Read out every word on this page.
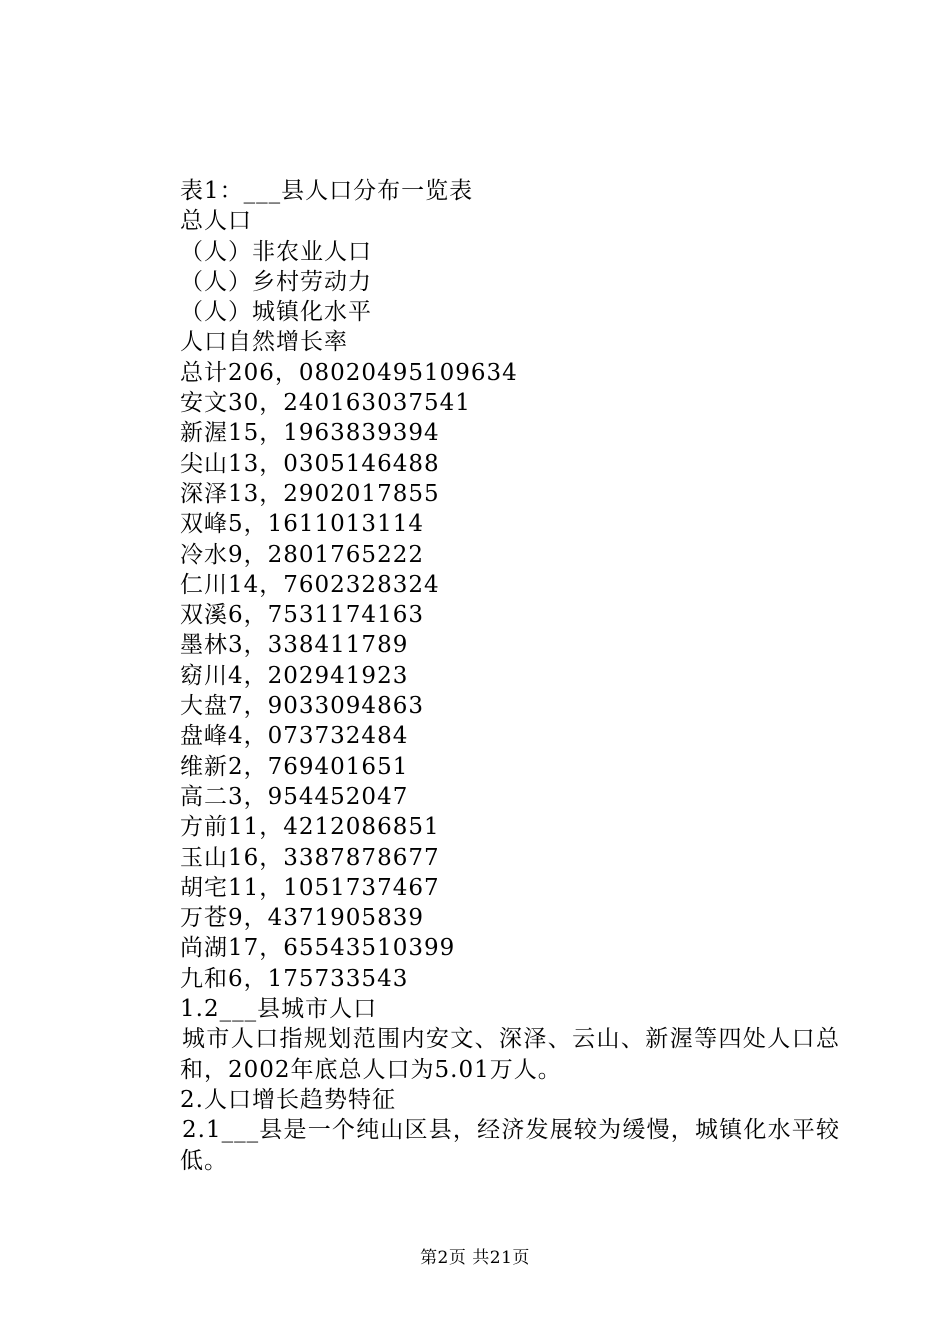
表1：___县人口分布一览表
总人口
（人）非农业人口
（人）乡村劳动力
（人）城镇化水平
人口自然增长率
总计206，08020495109634
安文30，240163037541
新渥15，1963839394
尖山13，0305146488
深泽13，2902017855
双峰5，1611013114
冷水9，2801765222
仁川14，7602328324
双溪6，7531174163
墨林3，338411789
窈川4，202941923
大盘7，9033094863
盘峰4，073732484
维新2，769401651
高二3，954452047
方前11，4212086851
玉山16，3387878677
胡宅11，1051737467
万苍9，4371905839
尚湖17，65543510399
九和6，175733543
1.2___县城市人口
城市人口指规划范围内安文、深泽、云山、新渥等四处人口总和，2002年底总人口为5.01万人。
2.人口增长趋势特征
2.1___县是一个纯山区县，经济发展较为缓慢，城镇化水平较低。
第2页 共21页
